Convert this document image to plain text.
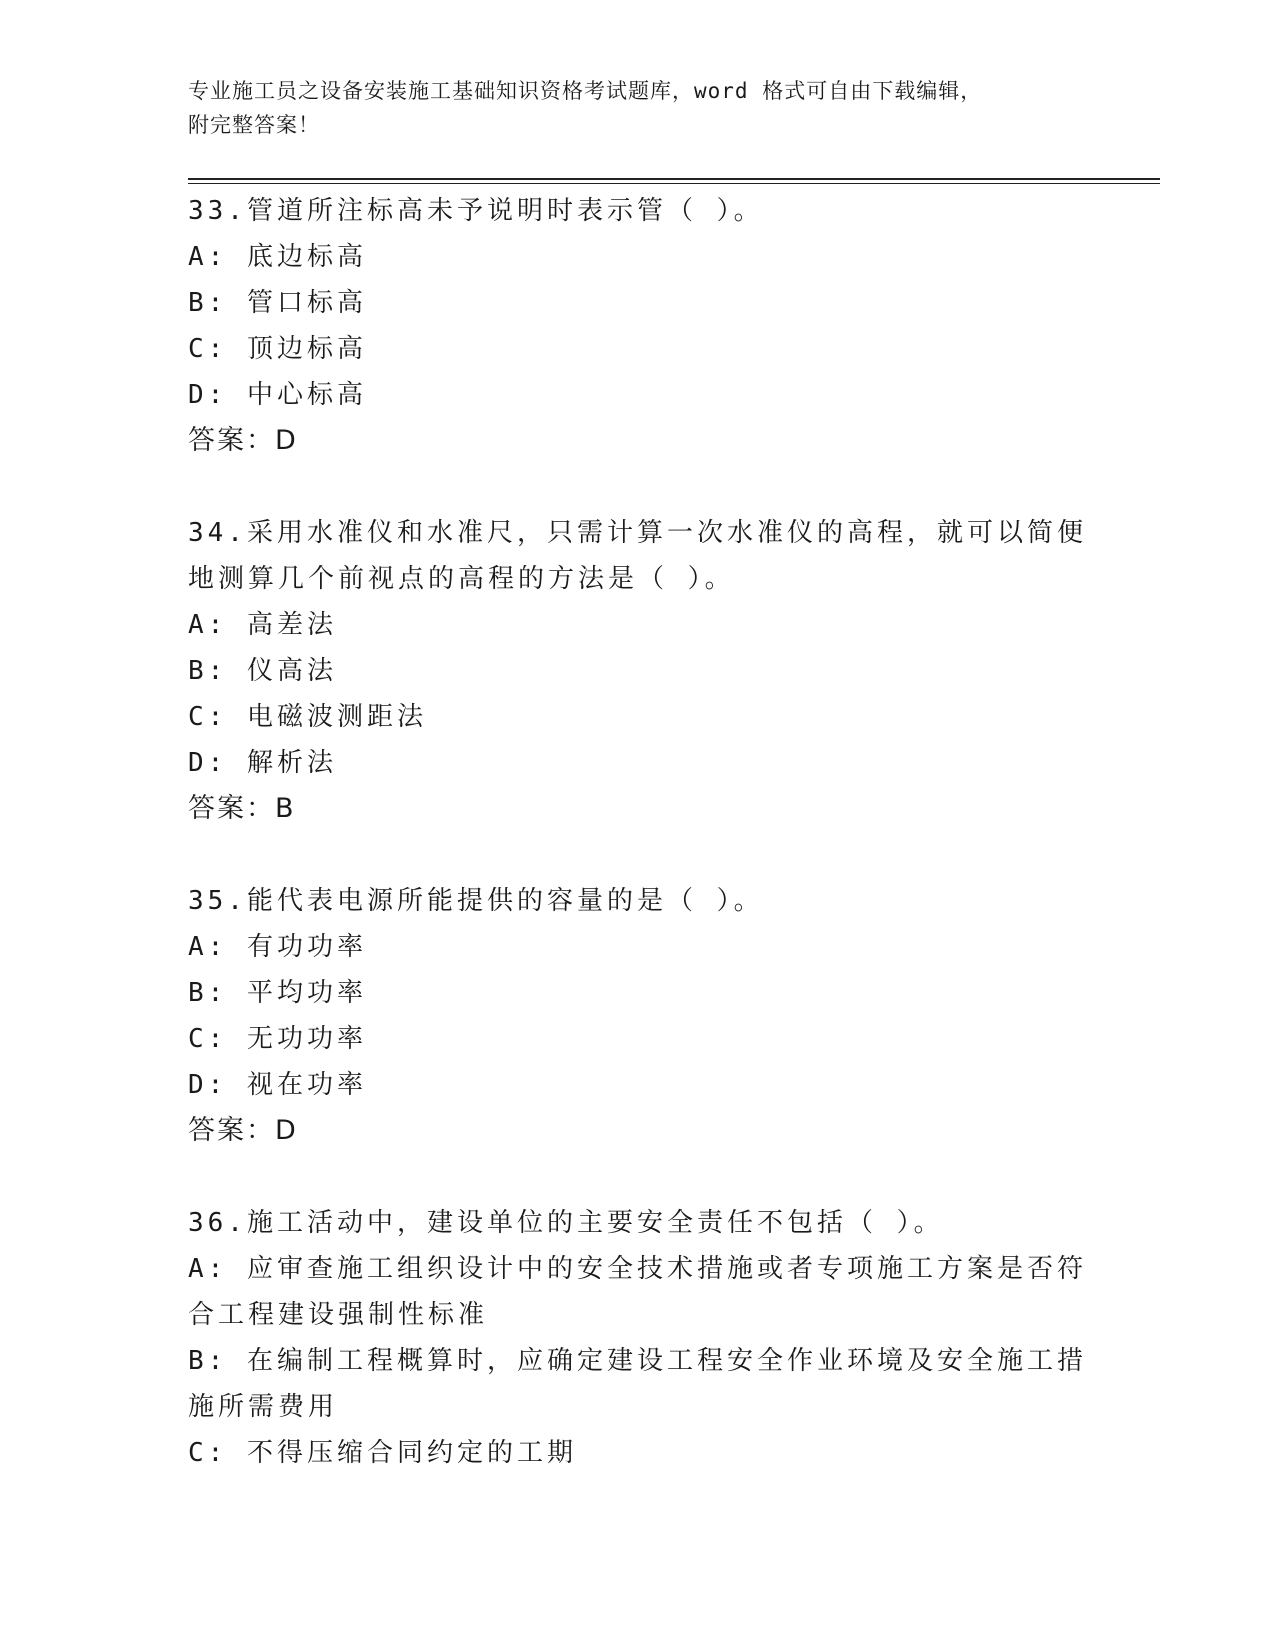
专业施工员之设备安装施工基础知识资格考试题库，word 格式可自由下载编辑，
附完整答案！
33.管道所注标高未予说明时表示管（ ）。
A: 底边标高
B: 管口标高
C: 顶边标高
D: 中心标高
答案：D
34.采用水准仪和水准尺，只需计算一次水准仪的高程，就可以简便地测算几个前视点的高程的方法是（ ）。
A: 高差法
B: 仪高法
C: 电磁波测距法
D: 解析法
答案：B
35.能代表电源所能提供的容量的是（ ）。
A: 有功功率
B: 平均功率
C: 无功功率
D: 视在功率
答案：D
36.施工活动中，建设单位的主要安全责任不包括（ ）。
A: 应审查施工组织设计中的安全技术措施或者专项施工方案是否符合工程建设强制性标准
B: 在编制工程概算时，应确定建设工程安全作业环境及安全施工措施所需费用
C: 不得压缩合同约定的工期
